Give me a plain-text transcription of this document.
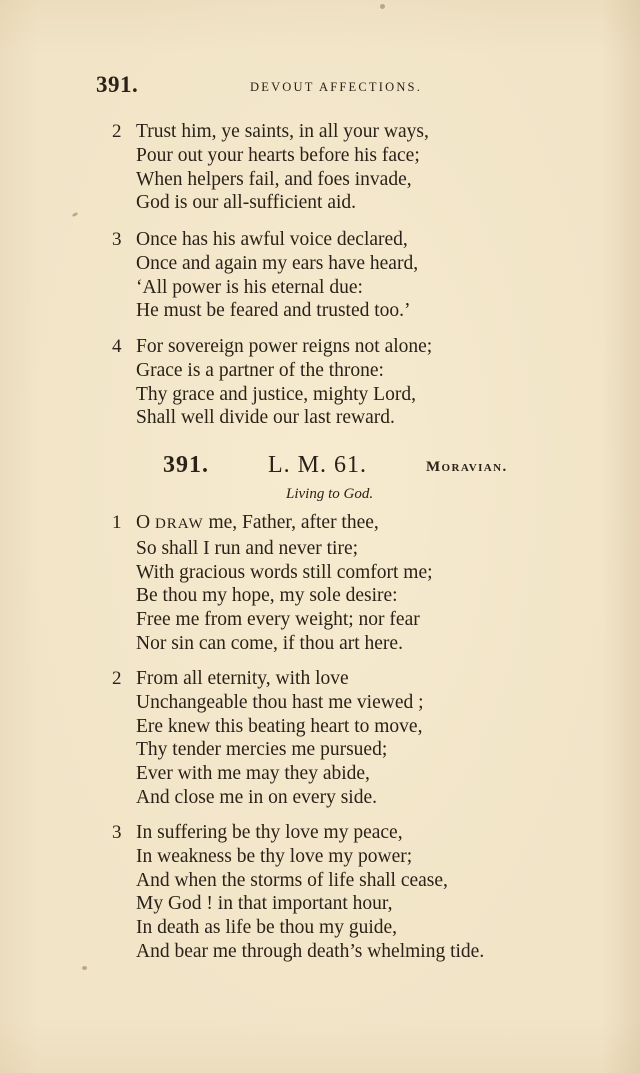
391.	DEVOUT AFFECTIONS.
2 Trust him, ye saints, in all your ways,
Pour out your hearts before his face;
When helpers fail, and foes invade,
God is our all-sufficient aid.
3 Once has his awful voice declared,
Once and again my ears have heard,
‘All power is his eternal due:
He must be feared and trusted too.’
4 For sovereign power reigns not alone;
Grace is a partner of the throne:
Thy grace and justice, mighty Lord,
Shall well divide our last reward.
391. L. M. 61.	Moravian.
Living to God.
1 O DRAW me, Father, after thee,
So shall I run and never tire;
With gracious words still comfort me;
Be thou my hope, my sole desire:
Free me from every weight; nor fear
Nor sin can come, if thou art here.
2 From all eternity, with love
Unchangeable thou hast me viewed ;
Ere knew this beating heart to move,
Thy tender mercies me pursued;
Ever with me may they abide,
And close me in on every side.
3 In suffering be thy love my peace,
In weakness be thy love my power;
And when the storms of life shall cease,
My God ! in that important hour,
In death as life be thou my guide,
And bear me through death’s whelming tide.
